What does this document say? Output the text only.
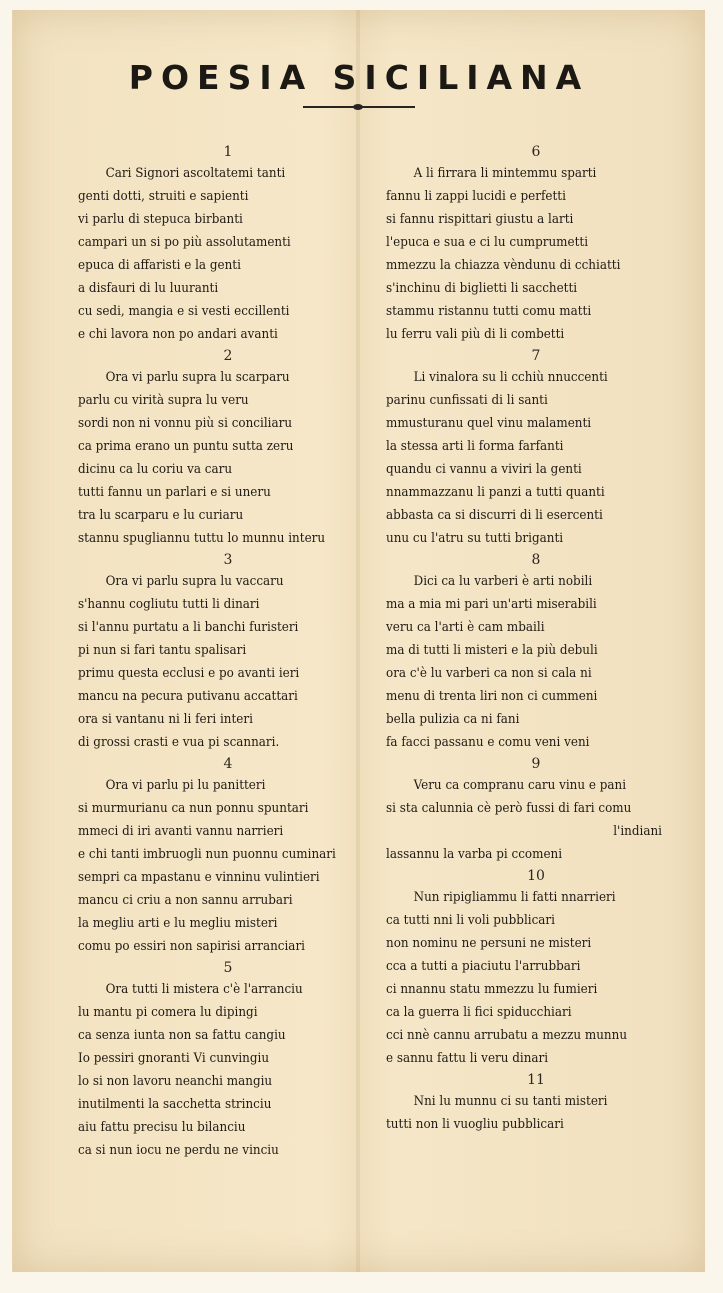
POESIA SICILIANA
1
Cari Signori ascoltatemi tanti
genti dotti, struiti e sapienti
vi parlu di stepuca birbanti
campari un si po più assolutamenti
epuca di affaristi e la genti
a disfauri di lu luuranti
cu sedi, mangia e si vesti eccillenti
e chi lavora non po andari avanti
2
Ora vi parlu supra lu scarparu
parlu cu virità supra lu veru
sordi non ni vonnu più si conciliaru
ca prima erano un puntu sutta zeru
dicinu ca lu coriu va caru
tutti fannu un parlari e si uneru
tra lu scarparu e lu curiaru
stannu spugliannu tuttu lo munnu interu
3
Ora vi parlu supra lu vaccaru
s'hannu cogliutu tutti li dinari
si l'annu purtatu a li banchi furisteri
pi nun si fari tantu spalisari
primu questa ecclusi e po avanti ieri
mancu na pecura putivanu accattari
ora si vantanu ni li feri interi
di grossi crasti e vua pi scannari.
4
Ora vi parlu pi lu panitteri
si murmurianu ca nun ponnu spuntari
mmeci di iri avanti vannu narrieri
e chi tanti imbruogli nun puonnu cuminari
sempri ca mpastanu e vinninu vulintieri
mancu ci criu a non sannu arrubari
la megliu arti e lu megliu misteri
comu po essiri non sapirisi arranciari
5
Ora tutti li mistera c'è l'arranciu
lu mantu pi comera lu dipingi
ca senza iunta non sa fattu cangiu
Io pessiri gnoranti Vi cunvingiu
lo si non lavoru neanchi mangiu
inutilmenti la sacchetta strinciu
aiu fattu precisu lu bilanciu
ca si nun iocu ne perdu ne vinciu
6
A li firrara li mintemmu sparti
fannu li zappi lucidi e perfetti
si fannu rispittari giustu a larti
l'epuca e sua e ci lu cumprumetti
mmezzu la chiazza vèndunu di cchiatti
s'inchinu di biglietti li sacchetti
stammu ristannu tutti comu matti
lu ferru vali più di li combetti
7
Li vinalora su li cchiù nnuccenti
parinu cunfissati di li santi
mmusturanu quel vinu malamenti
la stessa arti li forma farfanti
quandu ci vannu a viviri la genti
nnammazzanu li panzi a tutti quanti
abbasta ca si discurri di li esercenti
unu cu l'atru su tutti briganti
8
Dici ca lu varberi è arti nobili
ma a mia mi pari un'arti miserabili
veru ca l'arti è cam mbaili
ma di tutti li misteri e la più debuli
ora c'è lu varberi ca non si cala ni
menu di trenta liri non ci cummeni
bella pulizia ca ni fani
fa facci passanu e comu veni veni
9
Veru ca compranu caru vinu e pani
si sta calunnia cè però fussi di fari comu
l'indiani
lassannu la varba pi ccomeni
10
Nun ripigliammu li fatti nnarrieri
ca tutti nni li voli pubblicari
non nominu ne persuni ne misteri
cca a tutti a piaciutu l'arrubbari
ci nnannu statu mmezzu lu fumieri
ca la guerra li fici spiducchiari
cci nnè cannu arrubatu a mezzu munnu
e sannu fattu li veru dinari
11
Nni lu munnu ci su tanti misteri
tutti non li vuogliu pubblicari
